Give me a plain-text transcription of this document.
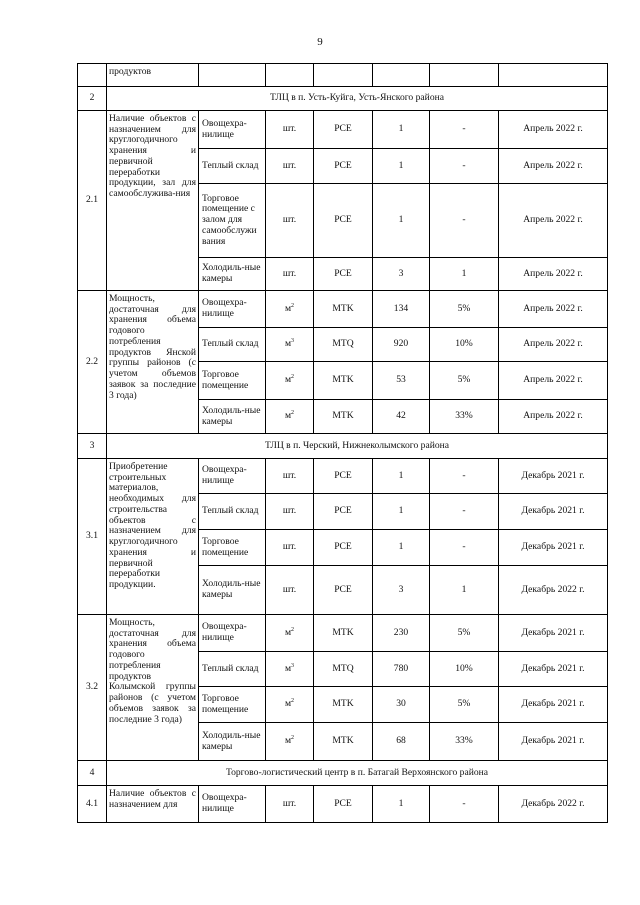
9
	продуктов						
2	ТЛЦ в п. Усть-Куйга, Усть-Янского района						
2.1	Наличие объектов с назначением для круглогодичного хранения и первичной переработки продукции, зал для самообслужива-ния	Овощехра-нилище	шт.	PCE	1	-	Апрель 2022 г.
		Теплый склад	шт.	PCE	1	-	Апрель 2022 г.
		Торговое помещение с залом для самообслужи вания	шт.	PCE	1	-	Апрель 2022 г.
		Холодиль-ные камеры	шт.	PCE	3	1	Апрель 2022 г.
2.2	Мощность, достаточная для хранения объема годового потребления продуктов Янской группы районов (с учетом объемов заявок за последние 3 года)	Овощехра-нилище	$м^2$	MTK	134	5%	Апрель 2022 г.
		Теплый склад	$м^3$	MTQ	920	10%	Апрель 2022 г.
		Торговое помещение	$м^2$	MTK	53	5%	Апрель 2022 г.
		Холодиль-ные камеры	$м^2$	MTK	42	33%	Апрель 2022 г.
3	ТЛЦ в п. Черский, Нижнеколымского района						
3.1	Приобретение строительных материалов, необходимых для строительства объектов с назначением для круглогодичного хранения и первичной переработки продукции.	Овощехра-нилище	шт.	PCE	1	-	Декабрь 2021 г.
		Теплый склад	шт.	PCE	1	-	Декабрь 2021 г.
		Торговое помещение	шт.	PCE	1	-	Декабрь 2021 г.
		Холодиль-ные камеры	шт.	PCE	3	1	Декабрь 2022 г.
3.2	Мощность, достаточная для хранения объема годового потребления продуктов Колымской группы районов (с учетом объемов заявок за последние 3 года)	Овощехра-нилище	$м^2$	MTK	230	5%	Декабрь 2021 г.
		Теплый склад	$м^3$	MTQ	780	10%	Декабрь 2021 г.
		Торговое помещение	$м^2$	MTK	30	5%	Декабрь 2021 г.
		Холодиль-ные камеры	$м^2$	MTK	68	33%	Декабрь 2021 г.
4	Торгово-логистический центр в п. Батагай Верхоянского района						
4.1	Наличие объектов с назначением для	Овощехра-нилище	шт.	PCE	1	-	Декабрь 2022 г.
